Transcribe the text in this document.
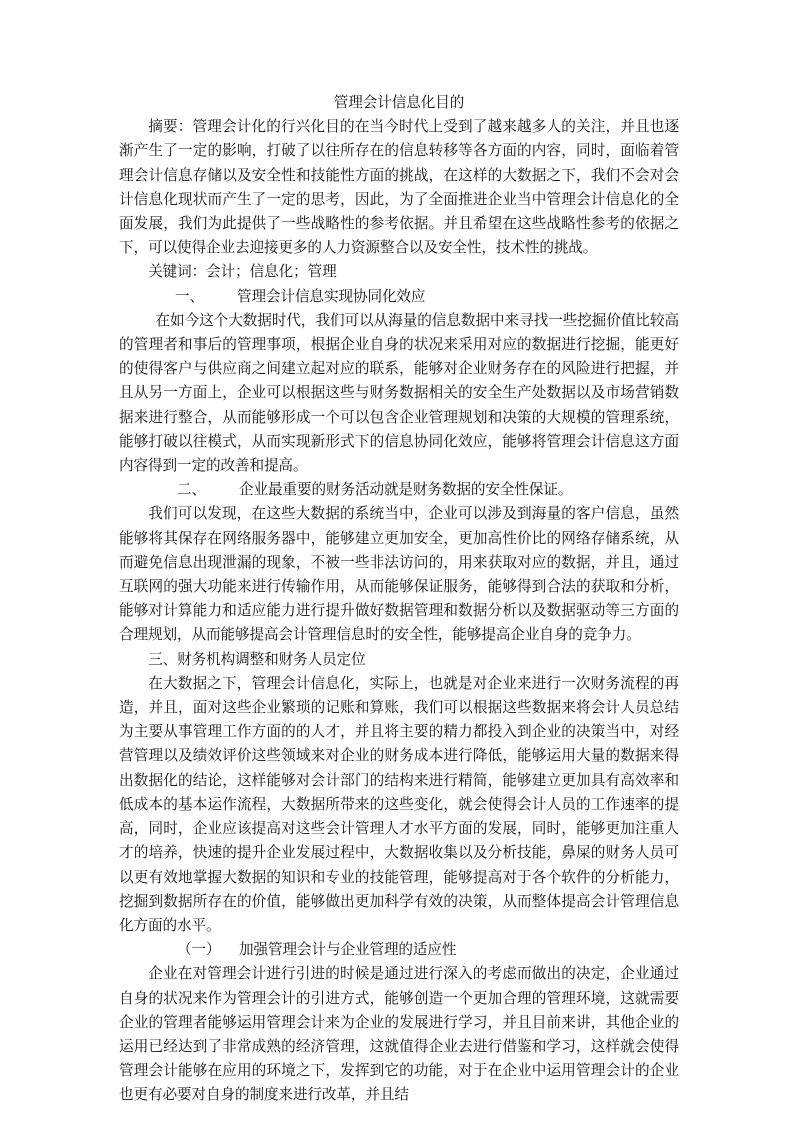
管理会计信息化目的

摘要：管理会计化的行兴化目的在当今时代上受到了越来越多人的关注，并且也逐渐产生了一定的影响，打破了以往所存在的信息转移等各方面的内容，同时，面临着管理会计信息存储以及安全性和技能性方面的挑战，在这样的大数据之下，我们不会对会计信息化现状而产生了一定的思考，因此，为了全面推进企业当中管理会计信息化的全面发展，我们为此提供了一些战略性的参考依据。并且希望在这些战略性参考的依据之下，可以使得企业去迎接更多的人力资源整合以及安全性，技术性的挑战。

关键词：会计；信息化；管理

一、 管理会计信息实现协同化效应

在如今这个大数据时代，我们可以从海量的信息数据中来寻找一些挖掘价值比较高的管理者和事后的管理事项，根据企业自身的状况来采用对应的数据进行挖掘，能更好的使得客户与供应商之间建立起对应的联系，能够对企业财务存在的风险进行把握，并且从另一方面上，企业可以根据这些与财务数据相关的安全生产处数据以及市场营销数据来进行整合，从而能够形成一个可以包含企业管理规划和决策的大规模的管理系统，能够打破以往模式，从而实现新形式下的信息协同化效应，能够将管理会计信息这方面内容得到一定的改善和提高。

二、 企业最重要的财务活动就是财务数据的安全性保证。

我们可以发现，在这些大数据的系统当中，企业可以涉及到海量的客户信息，虽然能够将其保存在网络服务器中，能够建立更加安全，更加高性价比的网络存储系统，从而避免信息出现泄漏的现象，不被一些非法访问的，用来获取对应的数据，并且，通过互联网的强大功能来进行传输作用，从而能够保证服务，能够得到合法的获取和分析，能够对计算能力和适应能力进行提升做好数据管理和数据分析以及数据驱动等三方面的合理规划，从而能够提高会计管理信息时的安全性，能够提高企业自身的竞争力。

三、财务机构调整和财务人员定位

在大数据之下，管理会计信息化，实际上，也就是对企业来进行一次财务流程的再造，并且，面对这些企业繁琐的记账和算账，我们可以根据这些数据来将会计人员总结为主要从事管理工作方面的的人才，并且将主要的精力都投入到企业的决策当中，对经营管理以及绩效评价这些领域来对企业的财务成本进行降低，能够运用大量的数据来得出数据化的结论，这样能够对会计部门的结构来进行精简，能够建立更加具有高效率和低成本的基本运作流程，大数据所带来的这些变化，就会使得会计人员的工作速率的提高，同时，企业应该提高对这些会计管理人才水平方面的发展，同时，能够更加注重人才的培养，快速的提升企业发展过程中，大数据收集以及分析技能，鼻屎的财务人员可以更有效地掌握大数据的知识和专业的技能管理，能够提高对于各个软件的分析能力，挖掘到数据所存在的价值，能够做出更加科学有效的决策，从而整体提高会计管理信息化方面的水平。

（一） 加强管理会计与企业管理的适应性

企业在对管理会计进行引进的时候是通过进行深入的考虑而做出的决定，企业通过自身的状况来作为管理会计的引进方式，能够创造一个更加合理的管理环境，这就需要企业的管理者能够运用管理会计来为企业的发展进行学习，并且目前来讲，其他企业的运用已经达到了非常成熟的经济管理，这就值得企业去进行借鉴和学习，这样就会使得管理会计能够在应用的环境之下，发挥到它的功能，对于在企业中运用管理会计的企业也更有必要对自身的制度来进行改革，并且结
